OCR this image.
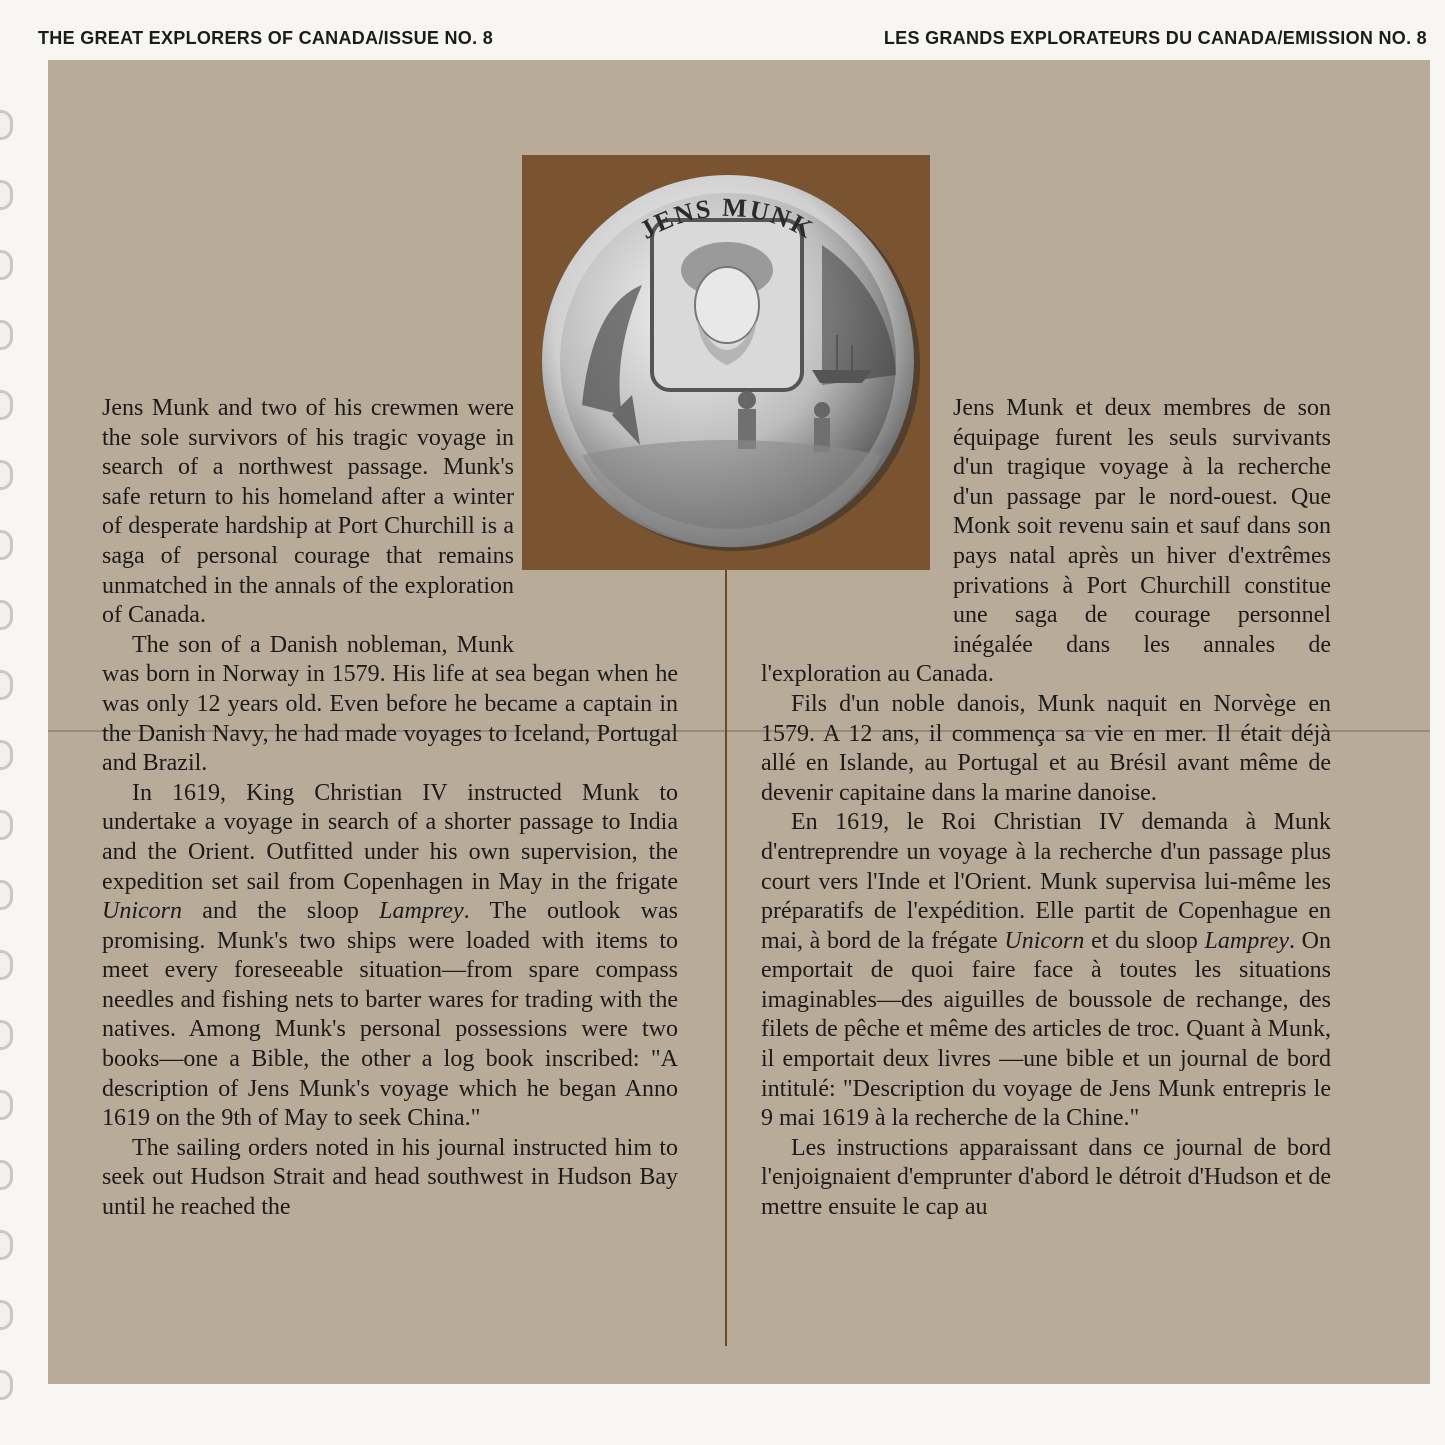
THE GREAT EXPLORERS OF CANADA/ISSUE NO. 8	LES GRANDS EXPLORATEURS DU CANADA/EMISSION NO. 8
JENS MUNK

Jens Munk and two of his crewmen were the sole survivors of his tragic voyage in search of a northwest passage. Munk's safe return to his homeland after a winter of desperate hardship at Port Churchill is a saga of personal courage that remains unmatched in the annals of the exploration of Canada.

The son of a Danish nobleman, Munk was born in Norway in 1579. His life at sea began when he was only 12 years old. Even before he became a captain in the Danish Navy, he had made voyages to Iceland, Portugal and Brazil.

In 1619, King Christian IV instructed Munk to undertake a voyage in search of a shorter passage to India and the Orient. Outfitted under his own supervision, the expedition set sail from Copenhagen in May in the frigate Unicorn and the sloop Lamprey. The outlook was promising. Munk's two ships were loaded with items to meet every foreseeable situation—from spare compass needles and fishing nets to barter wares for trading with the natives. Among Munk's personal possessions were two books—one a Bible, the other a log book inscribed: "A description of Jens Munk's voyage which he began Anno 1619 on the 9th of May to seek China."

The sailing orders noted in his journal instructed him to seek out Hudson Strait and head southwest in Hudson Bay until he reached the

Jens Munk et deux membres de son équipage furent les seuls survivants d'un tragique voyage à la recherche d'un passage par le nord-ouest. Que Monk soit revenu sain et sauf dans son pays natal après un hiver d'extrêmes privations à Port Churchill constitue une saga de courage personnel inégalée dans les annales de l'exploration au Canada.

Fils d'un noble danois, Munk naquit en Norvège en 1579. A 12 ans, il commença sa vie en mer. Il était déjà allé en Islande, au Portugal et au Brésil avant même de devenir capitaine dans la marine danoise.

En 1619, le Roi Christian IV demanda à Munk d'entreprendre un voyage à la recherche d'un passage plus court vers l'Inde et l'Orient. Munk supervisa lui-même les préparatifs de l'expédition. Elle partit de Copenhague en mai, à bord de la frégate Unicorn et du sloop Lamprey. On emportait de quoi faire face à toutes les situations imaginables—des aiguilles de boussole de rechange, des filets de pêche et même des articles de troc. Quant à Munk, il emportait deux livres —une bible et un journal de bord intitulé: "Description du voyage de Jens Munk entrepris le 9 mai 1619 à la recherche de la Chine."

Les instructions apparaissant dans ce journal de bord l'enjoignaient d'emprunter d'abord le détroit d'Hudson et de mettre ensuite le cap au
